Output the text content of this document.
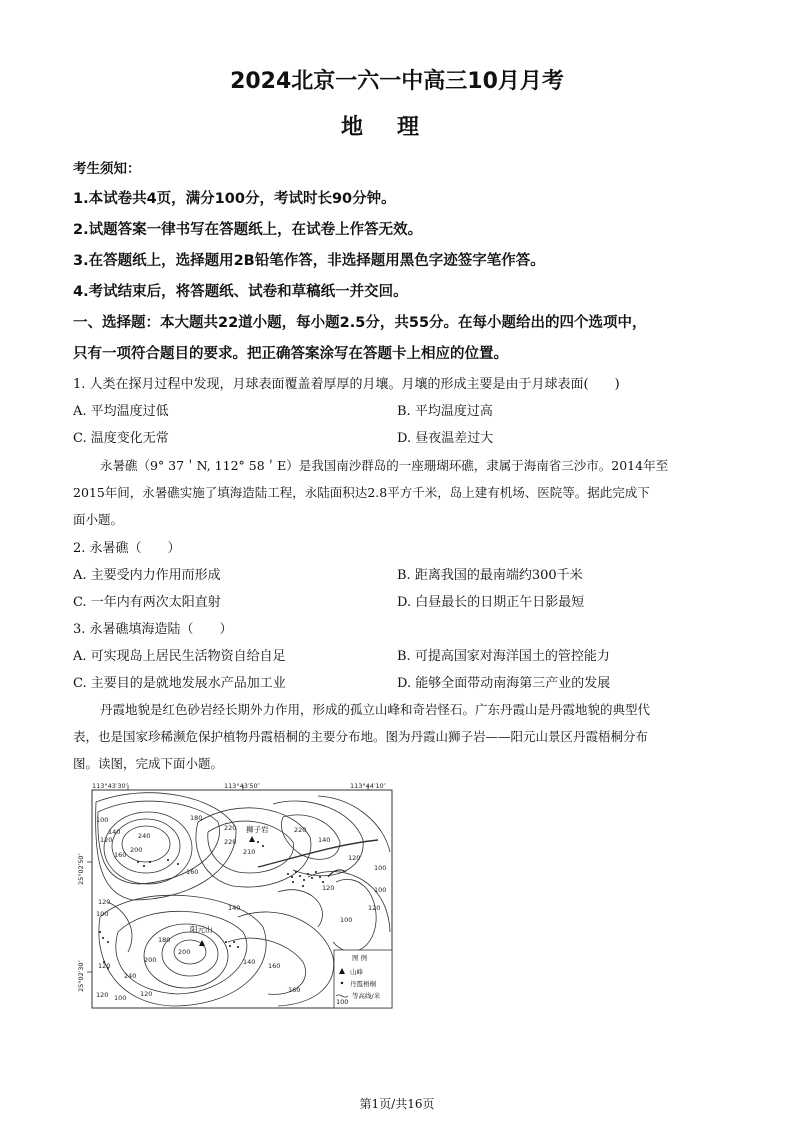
2024北京一六一中高三10月月考
地理
考生须知：
1.本试卷共4页，满分100分，考试时长90分钟。
2.试题答案一律书写在答题纸上，在试卷上作答无效。
3.在答题纸上，选择题用2B铅笔作答，非选择题用黑色字迹签字笔作答。
4.考试结束后，将答题纸、试卷和草稿纸一并交回。
一、选择题：本大题共22道小题，每小题2.5分，共55分。在每小题给出的四个选项中，
只有一项符合题目的要求。把正确答案涂写在答题卡上相应的位置。
1. 人类在探月过程中发现，月球表面覆盖着厚厚的月壤。月壤的形成主要是由于月球表面(　　)
A. 平均温度过低	B. 平均温度过高
C. 温度变化无常	D. 昼夜温差过大
永暑礁（9° 37＇N, 112° 58＇E）是我国南沙群岛的一座珊瑚环礁，隶属于海南省三沙市。2014年至
2015年间，永暑礁实施了填海造陆工程，永陆面积达2.8平方千米，岛上建有机场、医院等。据此完成下
面小题。
2. 永暑礁（　　）
A. 主要受内力作用而形成	B. 距离我国的最南端约300千米
C. 一年内有两次太阳直射	D. 白昼最长的日期正午日影最短
3. 永暑礁填海造陆（　　）
A. 可实现岛上居民生活物资自给自足	B. 可提高国家对海洋国土的管控能力
C. 主要目的是就地发展水产品加工业	D. 能够全面带动南海第三产业的发展
丹霞地貌是红色砂岩经长期外力作用，形成的孤立山峰和奇岩怪石。广东丹霞山是丹霞地貌的典型代
表，也是国家珍稀濒危保护植物丹霞梧桐的主要分布地。图为丹霞山狮子岩——阳元山景区丹霞梧桐分布
图。读图，完成下面小题。
113°43′30″	113°43′50″	113°44′10″
25°02′50″
25°02′30″
狮子岩
阳元山
100
120
140
160
180
200
220
240
100
120
140
180
200
100
120
140 160
120
200
240
160
100
140
120
100
120
220	220
210
160
120
100
120
图 例
山峰
丹霞梧桐
100
等高线/米
第1页/共16页
